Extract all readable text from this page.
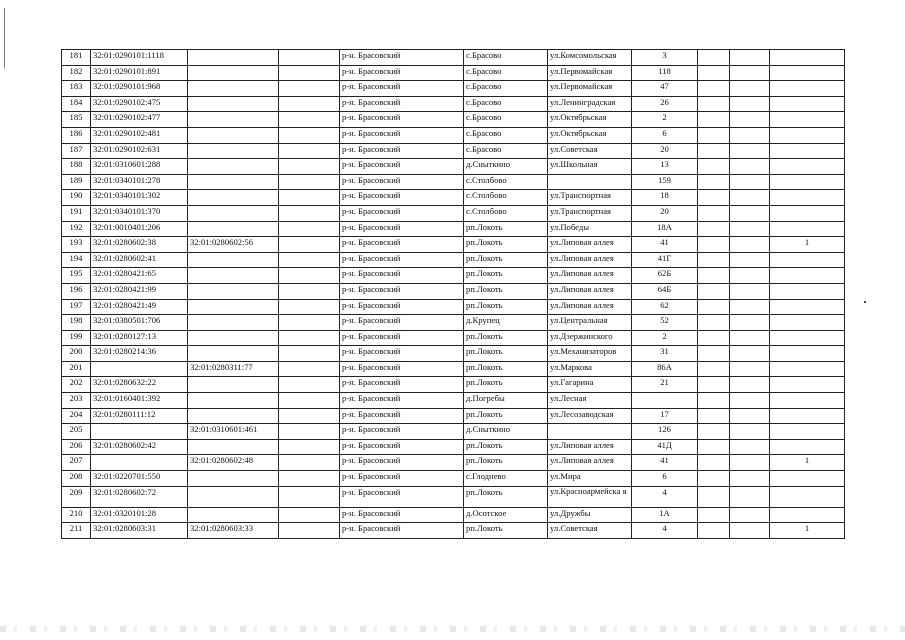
181	32:01:0290101:1118			р-н. Брасовский	с.Брасово	ул.Комсомольская	3			
182	32:01:0290101:891			р-н. Брасовский	с.Брасово	ул.Первомайская	118			
183	32:01:0290101:968			р-н. Брасовский	с.Брасово	ул.Первомайская	47			
184	32:01:0290102:475			р-н. Брасовский	с.Брасово	ул.Ленинградская	26			
185	32:01:0290102:477			р-н. Брасовский	с.Брасово	ул.Октябрьская	2			
186	32:01:0290102:481			р-н. Брасовский	с.Брасово	ул.Октябрьская	6			
187	32:01:0290102:631			р-н. Брасовский	с.Брасово	ул.Советская	20			
188	32:01:0310601:288			р-н. Брасовский	д.Сныткино	ул.Школьная	13			
189	32:01:0340101:278			р-н. Брасовский	с.Столбово		159			
190	32:01:0340101:302			р-н. Брасовский	с.Столбово	ул.Транспортная	18			
191	32:01:0340101:370			р-н. Брасовский	с.Столбово	ул.Транспортная	20			
192	32:01:0010401:206			р-н. Брасовский	рп.Локоть	ул.Победы	18А			
193	32:01:0280602:38	32:01:0280602:56		р-н. Брасовский	рп.Локоть	ул.Липовая аллея	41			1
194	32:01:0280602:41			р-н. Брасовский	рп.Локоть	ул.Липовая аллея	41Г			
195	32:01:0280421:65			р-н. Брасовский	рп.Локоть	ул.Липовая аллея	62Б			
196	32:01:0280421:99			р-н. Брасовский	рп.Локоть	ул.Липовая аллея	64Б			
197	32:01:0280421:49			р-н. Брасовский	рп.Локоть	ул.Липовая аллея	62			
198	32:01:0380501:706			р-н. Брасовский	д.Крупец	ул.Центральная	52			
199	32:01:0280127:13			р-н. Брасовский	рп.Локоть	ул.Дзержинского	2			
200	32:01:0280214:36			р-н. Брасовский	рп.Локоть	ул.Механизаторов	31			
201		32:01:0280311:77		р-н. Брасовский	рп.Локоть	ул.Маркова	86А			
202	32:01:0280632:22			р-н. Брасовский	рп.Локоть	ул.Гагарина	21			
203	32:01:0160401:392			р-н. Брасовский	д.Погребы	ул.Лесная				
204	32:01:0280111:12			р-н. Брасовский	рп.Локоть	ул.Лесозаводская	17			
205		32:01:0310601:461		р-н. Брасовский	д.Сныткино		126			
206	32:01:0280602:42			р-н. Брасовский	рп.Локоть	ул.Липовая аллея	41Д			
207		32:01:0280602:48		р-н. Брасовский	рп.Локоть	ул.Липовая аллея	41			1
208	32:01:0220701:550			р-н. Брасовский	с.Глодневo	ул.Мира	6			
209	32:01:0280602:72			р-н. Брасовский	рп.Локоть	ул.Красноармейска я	4			
210	32:01:0320101:28			р-н. Брасовский	д.Осотское	ул.Дружбы	1А			
211	32:01:0280603:31	32:01:0280603:33		р-н. Брасовский	рп.Локоть	ул.Советская	4			1
